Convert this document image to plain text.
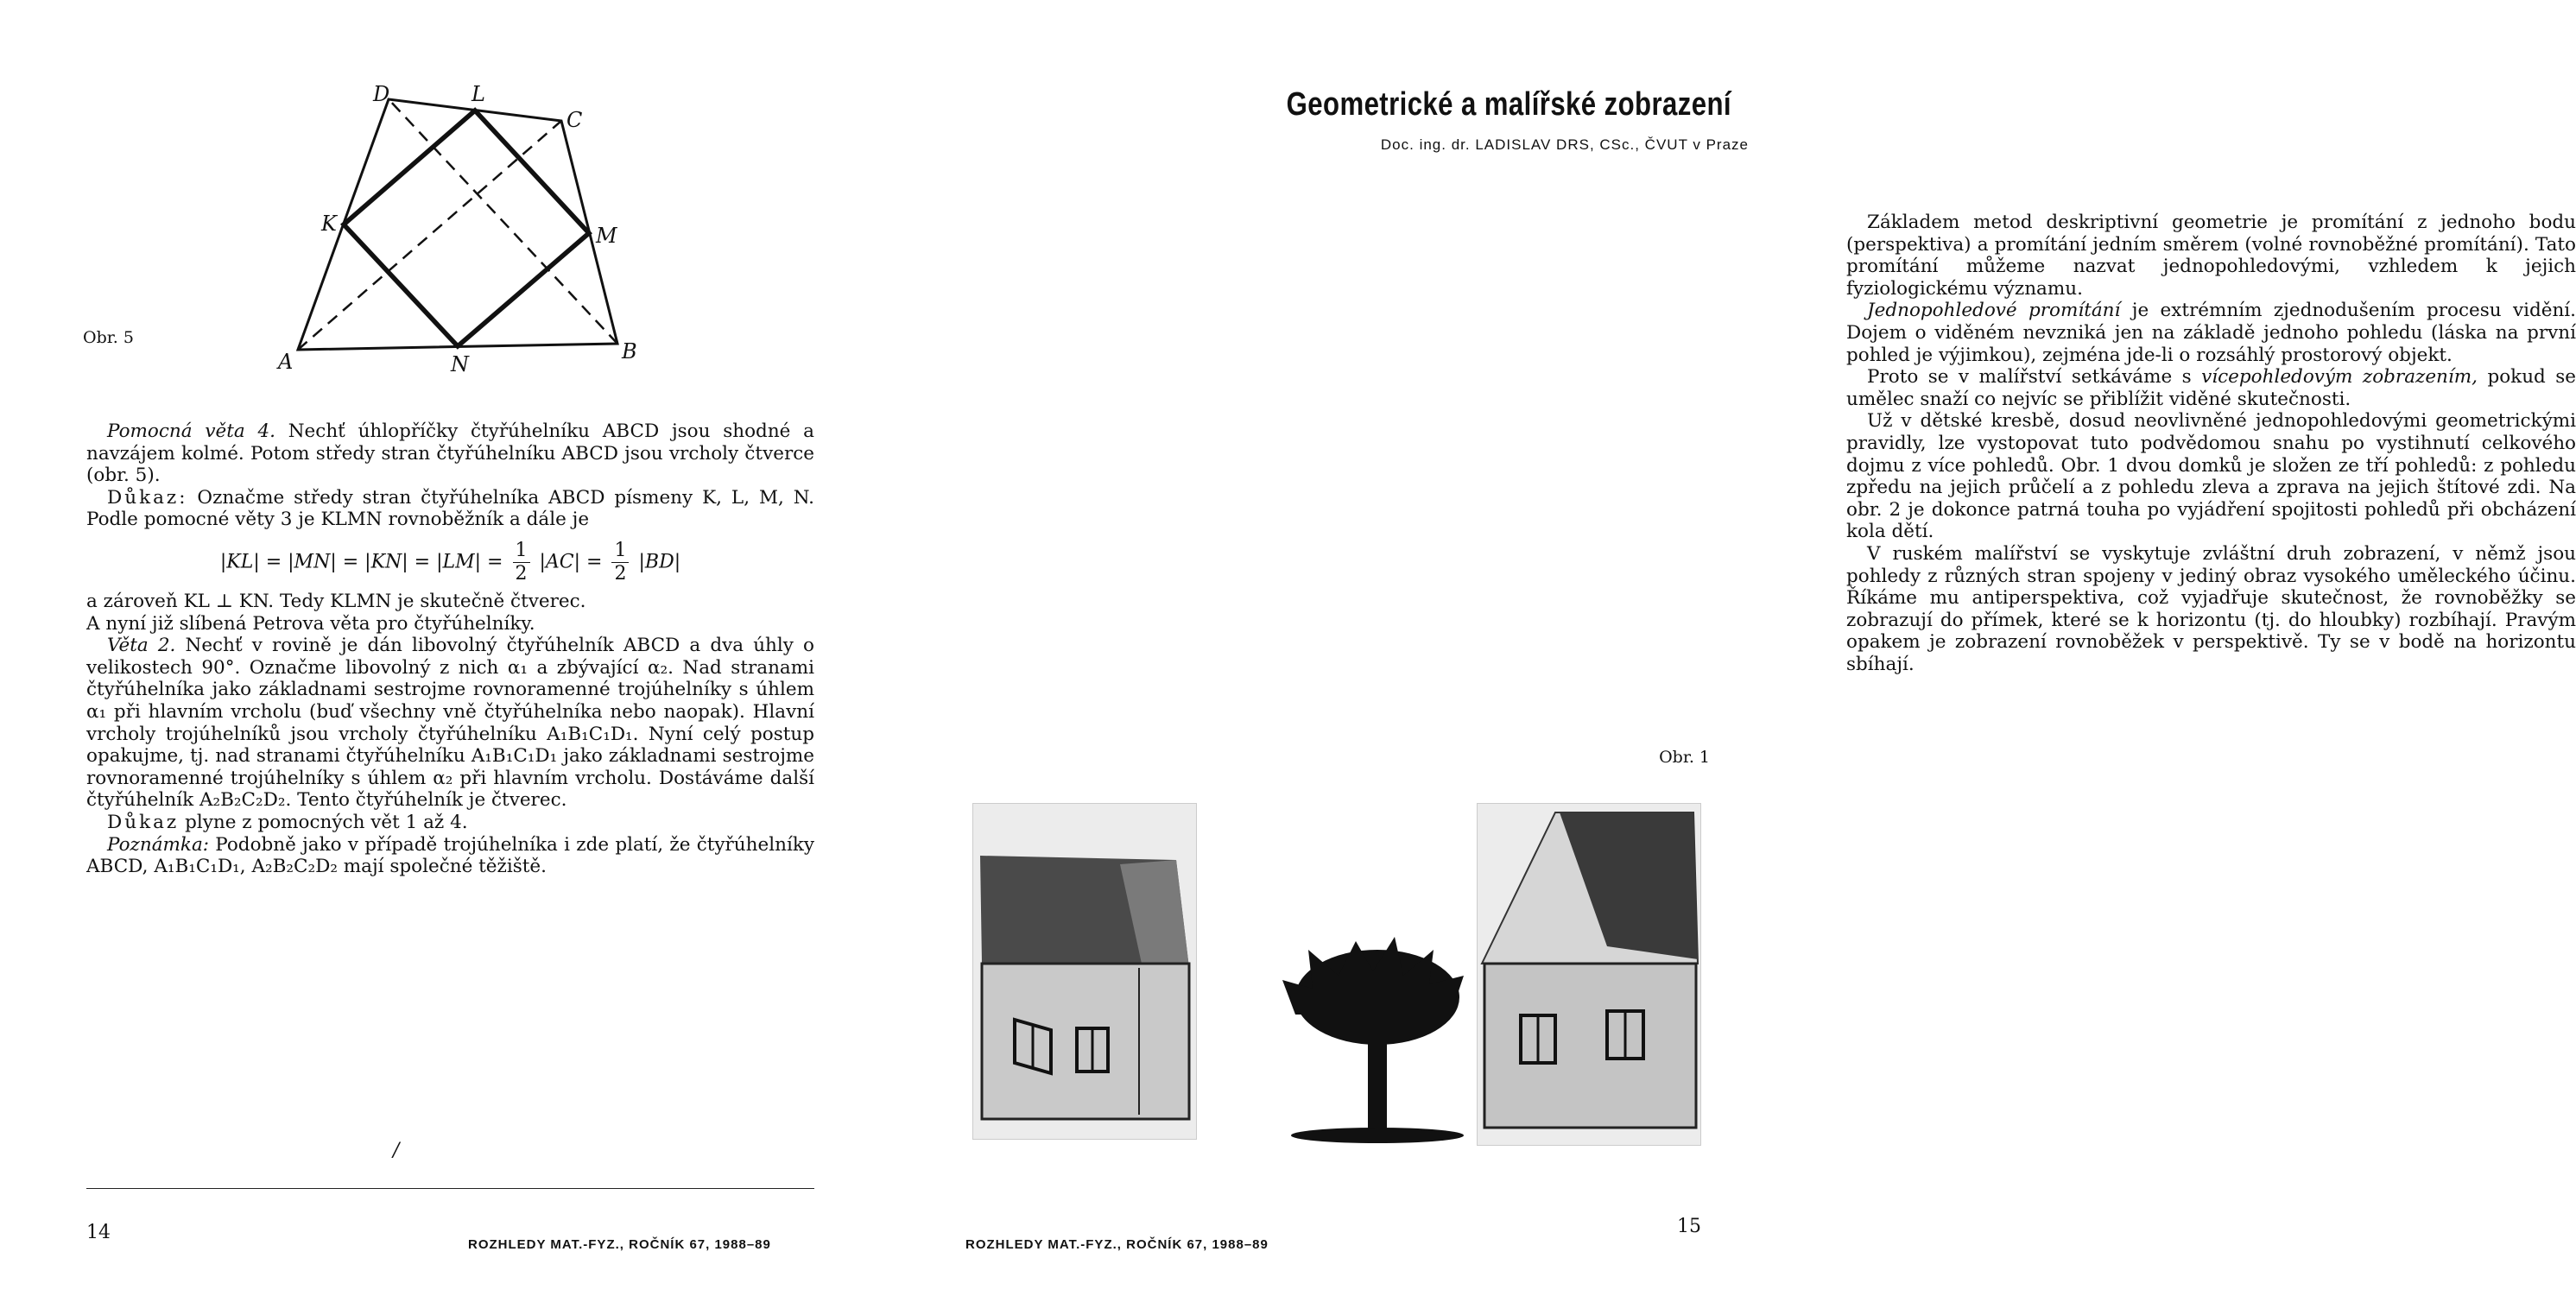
Obr. 5
D	L
C
K	M
A	N
B

Pomocná věta 4. Nechť úhlopříčky čtyřúhelníku ABCD jsou shodné a navzájem kolmé. Potom středy stran čtyřúhelníku ABCD jsou vrcholy čtverce (obr. 5).

Důkaz: Označme středy stran čtyřúhelníka ABCD písmeny K, L, M, N. Podle pomocné věty 3 je KLMN rovnoběžník a dále je

$|KL| = |MN| = |KN| = |LM| = \frac{1}{2} |AC| = \frac{1}{2} |BD|$

a zároveň KL ⊥ KN. Tedy KLMN je skutečně čtverec.

A nyní již slíbená Petrova věta pro čtyřúhelníky.

Věta 2. Nechť v rovině je dán libovolný čtyřúhelník ABCD a dva úhly o velikostech 90°. Označme libovolný z nich α₁ a zbývající α₂. Nad stranami čtyřúhelníka jako základnami sestrojme rovnoramenné trojúhelníky s úhlem α₁ při hlavním vrcholu (buď všechny vně čtyřúhelníka nebo naopak). Hlavní vrcholy trojúhelníků jsou vrcholy čtyřúhelníku A₁B₁C₁D₁. Nyní celý postup opakujme, tj. nad stranami čtyřúhelníku A₁B₁C₁D₁ jako základnami sestrojme rovnoramenné trojúhelníky s úhlem α₂ při hlavním vrcholu. Dostáváme další čtyřúhelník A₂B₂C₂D₂. Tento čtyřúhelník je čtverec.

Důkaz plyne z pomocných vět 1 až 4.

Poznámka: Podobně jako v případě trojúhelníka i zde platí, že čtyřúhelníky ABCD, A₁B₁C₁D₁, A₂B₂C₂D₂ mají společné těžiště.

/
14
ROZHLEDY MAT.-FYZ., ROČNÍK 67, 1988–89
Geometrické a malířské zobrazení
Doc. ing. dr. LADISLAV DRS, CSc., ČVUT v Praze

Základem metod deskriptivní geometrie je promítání z jednoho bodu (perspektiva) a promítání jedním směrem (volné rovnoběžné promítání). Tato promítání můžeme nazvat jednopohledovými, vzhledem k jejich fyziologickému významu.

Jednopohledové promítání je extrémním zjednodušením procesu vidění. Dojem o viděném nevzniká jen na základě jednoho pohledu (láska na první pohled je výjimkou), zejména jde-li o rozsáhlý prostorový objekt.

Proto se v malířství setkáváme s vícepohledovým zobrazením, pokud se umělec snaží co nejvíc se přiblížit viděné skutečnosti.

Už v dětské kresbě, dosud neovlivněné jednopohledovými geometrickými pravidly, lze vystopovat tuto podvědomou snahu po vystihnutí celkového dojmu z více pohledů. Obr. 1 dvou domků je složen ze tří pohledů: z pohledu zpředu na jejich průčelí a z pohledu zleva a zprava na jejich štítové zdi. Na obr. 2 je dokonce patrná touha po vyjádření spojitosti pohledů při obcházení kola dětí.

V ruském malířství se vyskytuje zvláštní druh zobrazení, v němž jsou pohledy z různých stran spojeny v jediný obraz vysokého uměleckého účinu. Říkáme mu antiperspektiva, což vyjadřuje skutečnost, že rovnoběžky se zobrazují do přímek, které se k horizontu (tj. do hloubky) rozbíhají. Pravým opakem je zobrazení rovnoběžek v perspektivě. Ty se v bodě na horizontu sbíhají.

Obr. 1
ROZHLEDY MAT.-FYZ., ROČNÍK 67, 1988–89
15
